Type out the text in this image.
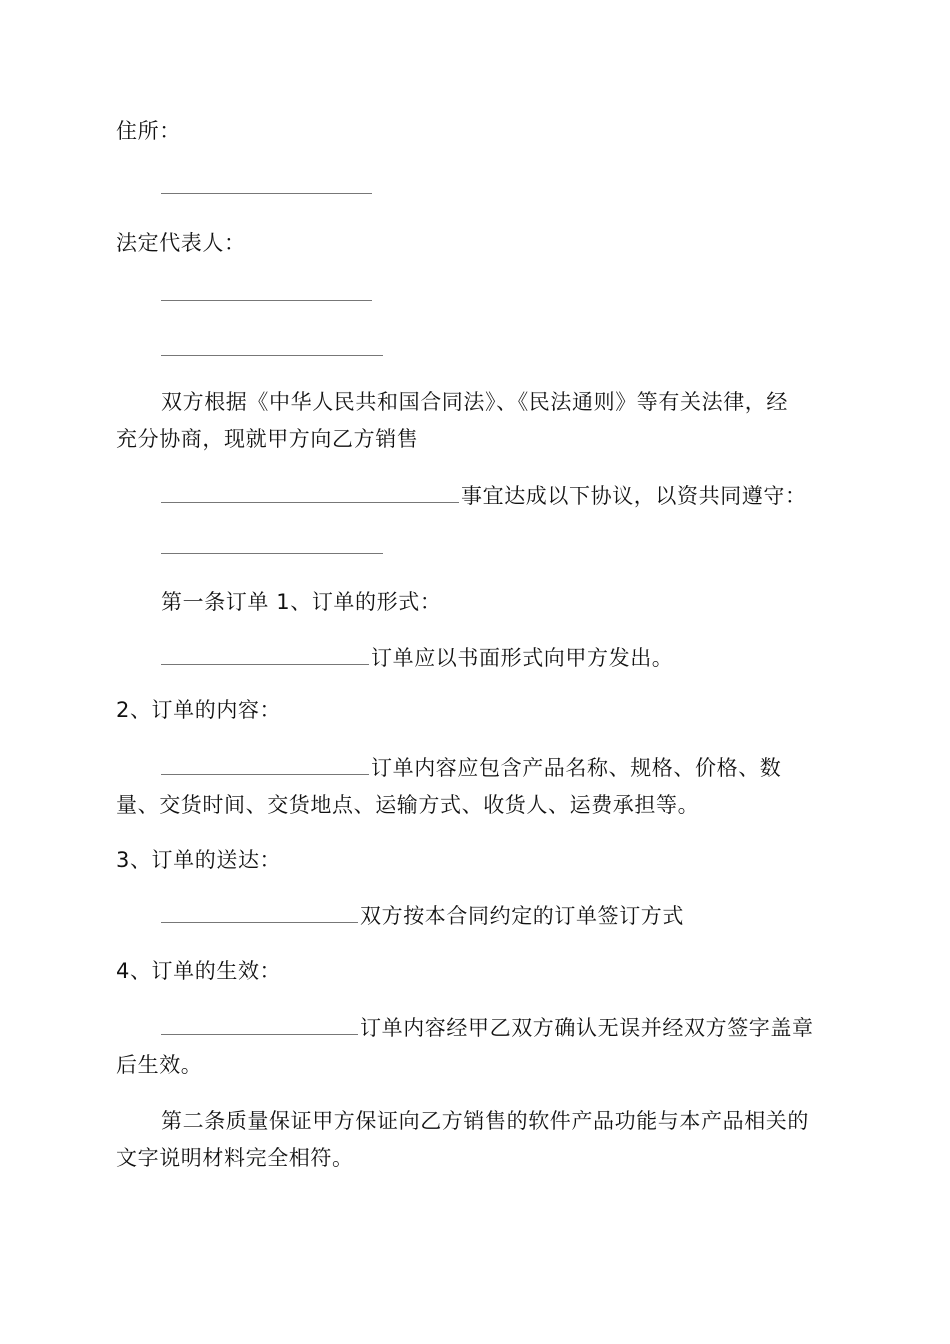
住所：
法定代表人：
双方根据《中华人民共和国合同法》、《民法通则》等有关法律，经
充分协商，现就甲方向乙方销售
事宜达成以下协议，以资共同遵守：
第一条订单 1、订单的形式：
订单应以书面形式向甲方发出。
2、订单的内容：
订单内容应包含产品名称、规格、价格、数
量、交货时间、交货地点、运输方式、收货人、运费承担等。
3、订单的送达：
双方按本合同约定的订单签订方式
4、订单的生效：
订单内容经甲乙双方确认无误并经双方签字盖章
后生效。
第二条质量保证甲方保证向乙方销售的软件产品功能与本产品相关的
文字说明材料完全相符。
